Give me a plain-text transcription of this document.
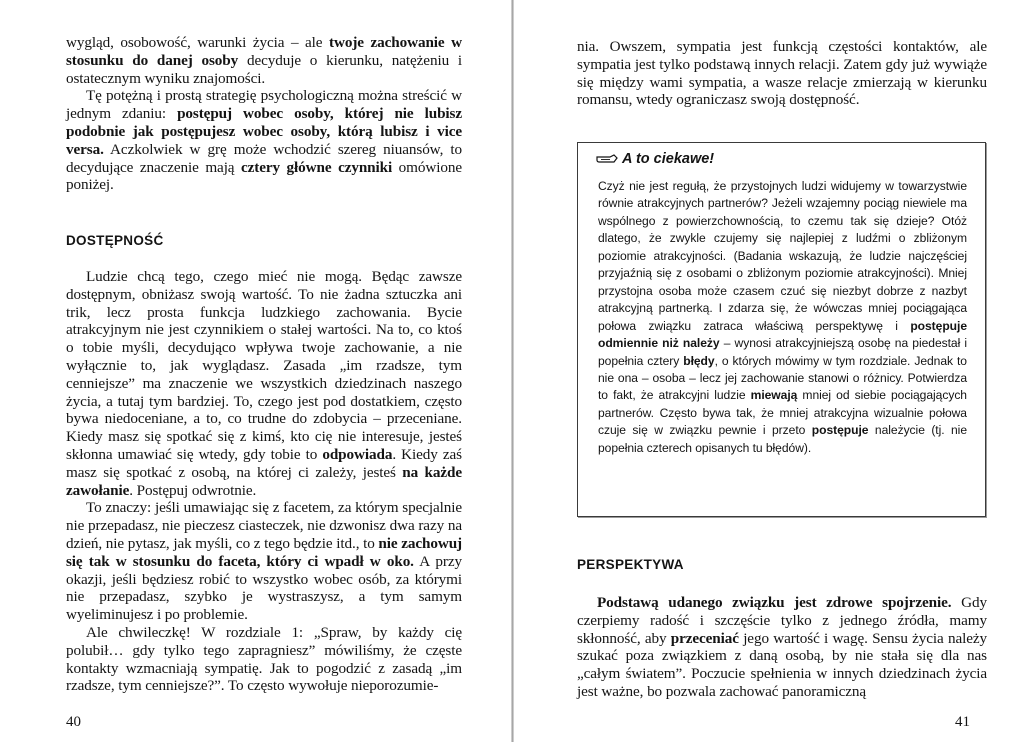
wygląd, osobowość, warunki życia – ale twoje zachowanie w stosunku do danej osoby decyduje o kierunku, natężeniu i ostatecznym wyniku znajomości.

Tę potężną i prostą strategię psychologiczną można streścić w jednym zdaniu: postępuj wobec osoby, której nie lubisz podobnie jak postępujesz wobec osoby, którą lubisz i vice versa. Aczkolwiek w grę może wchodzić szereg niuansów, to decydujące znaczenie mają cztery główne czynniki omówione poniżej.

DOSTĘPNOŚĆ

Ludzie chcą tego, czego mieć nie mogą. Będąc zawsze dostępnym, obniżasz swoją wartość. To nie żadna sztuczka ani trik, lecz prosta funkcja ludzkiego zachowania. Bycie atrakcyjnym nie jest czynnikiem o stałej wartości. Na to, co ktoś o tobie myśli, decydująco wpływa twoje zachowanie, a nie wyłącznie to, jak wyglądasz. Zasada „im rzadsze, tym cenniejsze” ma znaczenie we wszystkich dziedzinach naszego życia, a tutaj tym bardziej. To, czego jest pod dostatkiem, często bywa niedoceniane, a to, co trudne do zdobycia – przeceniane. Kiedy masz się spotkać się z kimś, kto cię nie interesuje, jesteś skłonna umawiać się wtedy, gdy tobie to odpowiada. Kiedy zaś masz się spotkać z osobą, na której ci zależy, jesteś na każde zawołanie. Postępuj odwrotnie.

To znaczy: jeśli umawiając się z facetem, za którym specjalnie nie przepadasz, nie pieczesz ciasteczek, nie dzwonisz dwa razy na dzień, nie pytasz, jak myśli, co z tego będzie itd., to nie zachowuj się tak w stosunku do faceta, który ci wpadł w oko. A przy okazji, jeśli będziesz robić to wszystko wobec osób, za którymi nie przepadasz, szybko je wystraszysz, a tym samym wyeliminujesz i po problemie.

Ale chwileczkę! W rozdziale 1: „Spraw, by każdy cię polubił… gdy tylko tego zapragniesz” mówiliśmy, że częste kontakty wzmacniają sympatię. Jak to pogodzić z zasadą „im rzadsze, tym cenniejsze?”. To często wywołuje nieporozumie-

40

nia. Owszem, sympatia jest funkcją częstości kontaktów, ale sympatia jest tylko podstawą innych relacji. Zatem gdy już wywiąże się między wami sympatia, a wasze relacje zmierzają w kierunku romansu, wtedy ograniczasz swoją dostępność.

A to ciekawe!

Czyż nie jest regułą, że przystojnych ludzi widujemy w towarzystwie równie atrakcyjnych partnerów? Jeżeli wzajemny pociąg niewiele ma wspólnego z powierzchownością, to czemu tak się dzieje? Otóż dlatego, że zwykle czujemy się najlepiej z ludźmi o zbliżonym poziomie atrakcyjności. (Badania wskazują, że ludzie najczęściej przyjaźnią się z osobami o zbliżonym poziomie atrakcyjności). Mniej przystojna osoba może czasem czuć się niezbyt dobrze z nazbyt atrakcyjną partnerką. I zdarza się, że wówczas mniej pociągająca połowa związku zatraca właściwą perspektywę i postępuje odmiennie niż należy – wynosi atrakcyjniejszą osobę na piedestał i popełnia cztery błędy, o których mówimy w tym rozdziale. Jednak to nie ona – osoba – lecz jej zachowanie stanowi o różnicy. Potwierdza to fakt, że atrakcyjni ludzie miewają mniej od siebie pociągających partnerów. Często bywa tak, że mniej atrakcyjna wizualnie połowa czuje się w związku pewnie i przeto postępuje należycie (tj. nie popełnia czterech opisanych tu błędów).

PERSPEKTYWA

Podstawą udanego związku jest zdrowe spojrzenie. Gdy czerpiemy radość i szczęście tylko z jednego źródła, mamy skłonność, aby przeceniać jego wartość i wagę. Sensu życia należy szukać poza związkiem z daną osobą, by nie stała się dla nas „całym światem”. Poczucie spełnienia w innych dziedzinach życia jest ważne, bo pozwala zachować panoramiczną

41
